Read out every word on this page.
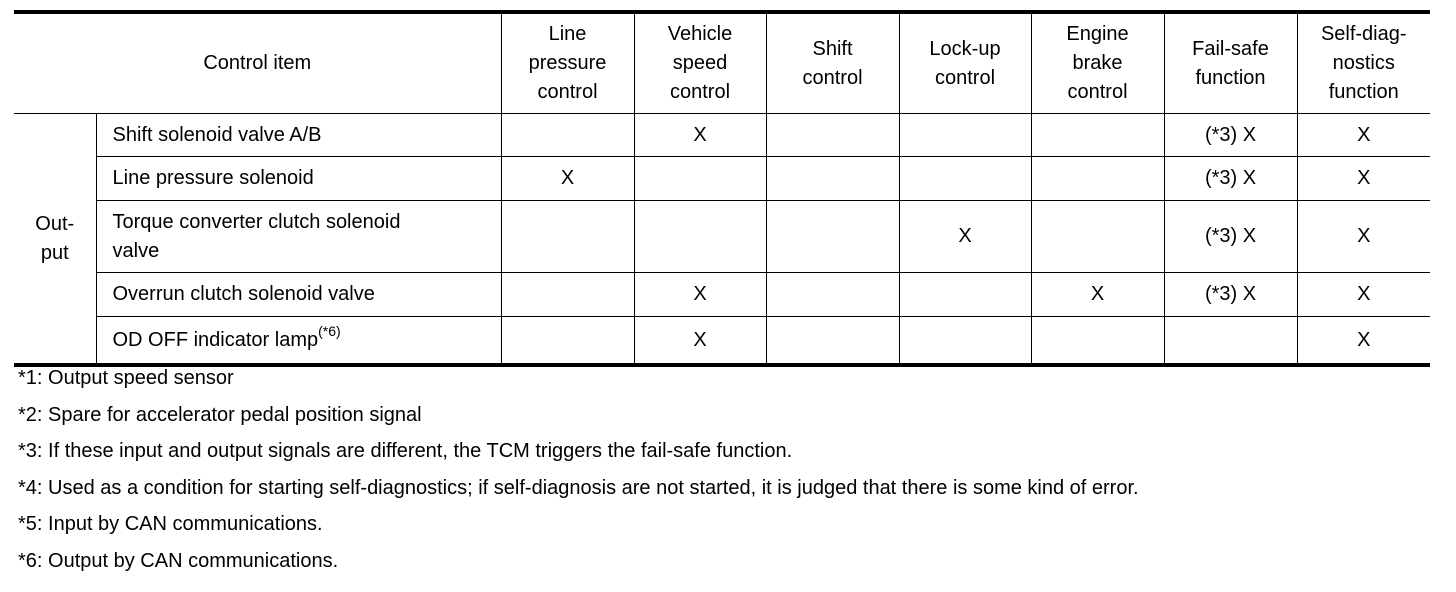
Control item		Line
pressure
control	Vehicle
speed
control	Shift
control	Lock-up
control	Engine
brake
control	Fail-safe
function	Self-diag-
nostics
function

Out-
put	Shift solenoid valve A/B		X				(*3) X	X
	Line pressure solenoid	X					(*3) X	X

	Torque converter clutch solenoid
valve				X		(*3) X	X
	Overrun clutch solenoid valve		X			X	(*3) X	X
	OD OFF indicator lamp$^{(*6)}$		X					X

*1: Output speed sensor

*2: Spare for accelerator pedal position signal

*3: If these input and output signals are different, the TCM triggers the fail-safe function.

*4: Used as a condition for starting self-diagnostics; if self-diagnosis are not started, it is judged that there is some kind of error.

*5: Input by CAN communications.

*6: Output by CAN communications.
